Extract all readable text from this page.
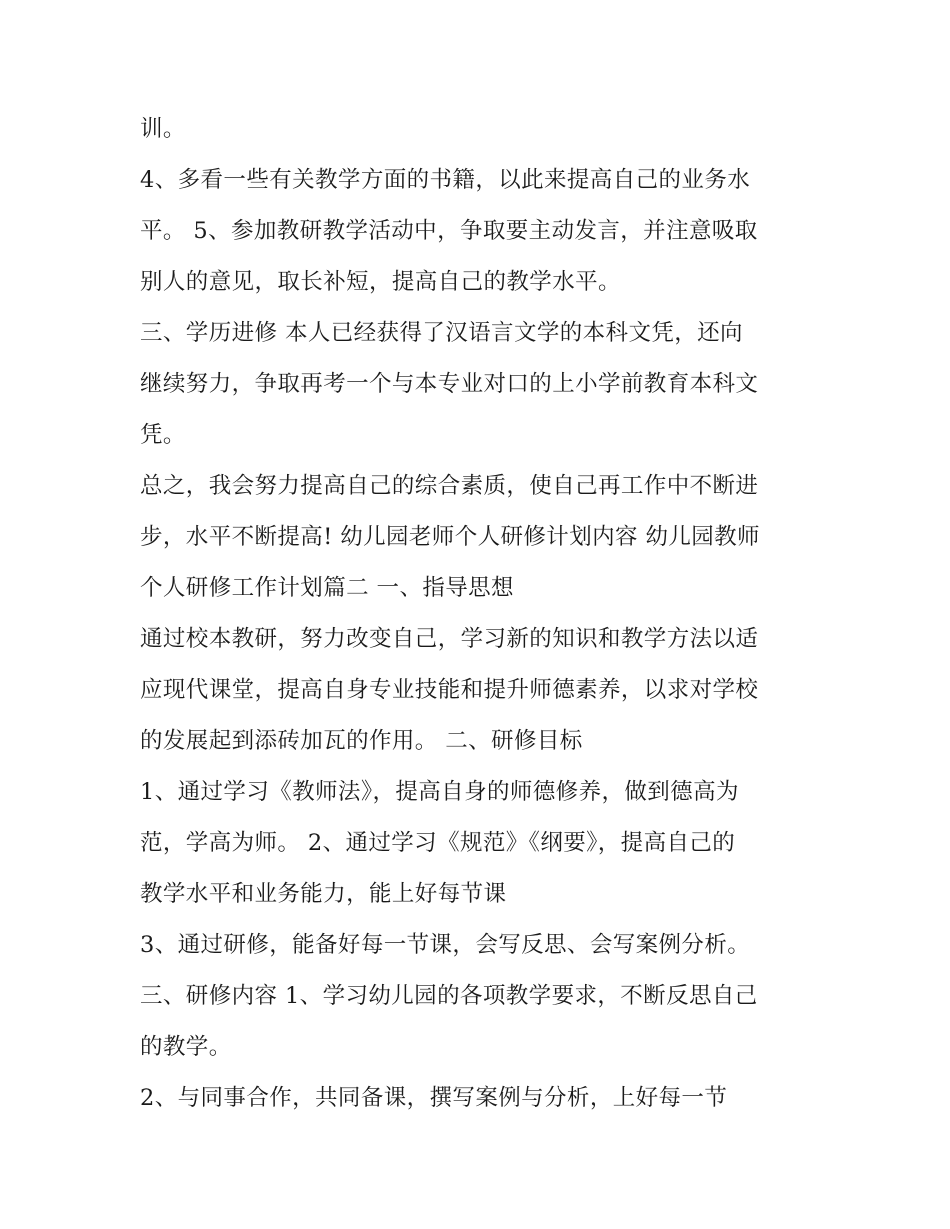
训。
4、多看一些有关教学方面的书籍，以此来提高自己的业务水
平。 5、参加教研教学活动中，争取要主动发言，并注意吸取
别人的意见，取长补短，提高自己的教学水平。
三、学历进修 本人已经获得了汉语言文学的本科文凭，还向
继续努力，争取再考一个与本专业对口的上小学前教育本科文
凭。
总之，我会努力提高自己的综合素质，使自己再工作中不断进
步，水平不断提高! 幼儿园老师个人研修计划内容 幼儿园教师
个人研修工作计划篇二 一、指导思想
通过校本教研，努力改变自己，学习新的知识和教学方法以适
应现代课堂，提高自身专业技能和提升师德素养，以求对学校
的发展起到添砖加瓦的作用。 二、研修目标
1、通过学习《教师法》，提高自身的师德修养，做到德高为
范，学高为师。 2、通过学习《规范》《纲要》，提高自己的
教学水平和业务能力，能上好每节课
3、通过研修，能备好每一节课，会写反思、会写案例分析。
三、研修内容 1、学习幼儿园的各项教学要求，不断反思自己
的教学。
2、与同事合作，共同备课，撰写案例与分析，上好每一节
